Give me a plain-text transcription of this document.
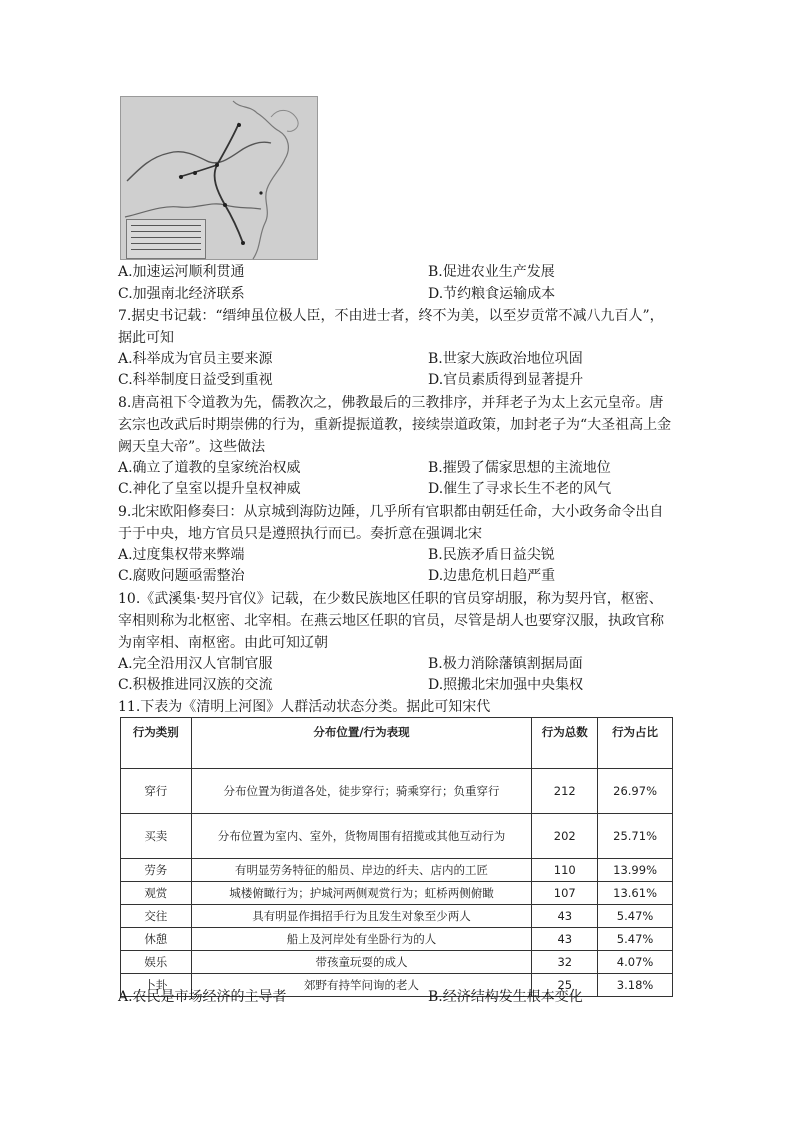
A.加速运河顺利贯通	B.促进农业生产发展
C.加强南北经济联系	D.节约粮食运输成本
7.据史书记载：“缙绅虽位极人臣，不由进士者，终不为美，以至岁贡常不减八九百人”，
据此可知
A.科举成为官员主要来源	B.世家大族政治地位巩固
C.科举制度日益受到重视	D.官员素质得到显著提升
8.唐高祖下令道教为先，儒教次之，佛教最后的三教排序，并拜老子为太上玄元皇帝。唐
玄宗也改武后时期崇佛的行为，重新提振道教，接续崇道政策，加封老子为“大圣祖高上金
阙天皇大帝”。这些做法
A.确立了道教的皇家统治权威	B.摧毁了儒家思想的主流地位
C.神化了皇室以提升皇权神威	D.催生了寻求长生不老的风气
9.北宋欧阳修奏曰：从京城到海防边陲，几乎所有官职都由朝廷任命，大小政务命令出自
于于中央，地方官员只是遵照执行而已。奏折意在强调北宋
A.过度集权带来弊端	B.民族矛盾日益尖锐
C.腐败问题亟需整治	D.边患危机日趋严重
10.《武溪集·契丹官仪》记载，在少数民族地区任职的官员穿胡服，称为契丹官，枢密、
宰相则称为北枢密、北宰相。在燕云地区任职的官员，尽管是胡人也要穿汉服，执政官称
为南宰相、南枢密。由此可知辽朝
A.完全沿用汉人官制官服	B.极力消除藩镇割据局面
C.积极推进同汉族的交流	D.照搬北宋加强中央集权
11.下表为《清明上河图》人群活动状态分类。据此可知宋代
行为类别	分布位置/行为表现	行为总数	行为占比
穿行	分布位置为街道各处，徒步穿行；骑乘穿行；负重穿行	212	26.97%
买卖	分布位置为室内、室外，货物周围有招揽或其他互动行为	202	25.71%
劳务	有明显劳务特征的船员、岸边的纤夫、店内的工匠	110	13.99%
观赏	城楼俯瞰行为；护城河两侧观赏行为；虹桥两侧俯瞰	107	13.61%
交往	具有明显作揖招手行为且发生对象至少两人	43	5.47%
休憩	船上及河岸处有坐卧行为的人	43	5.47%
娱乐	带孩童玩耍的成人	32	4.07%
卜卦	郊野有持竿问询的老人	25	3.18%
A.农民是市场经济的主导者	B.经济结构发生根本变化
